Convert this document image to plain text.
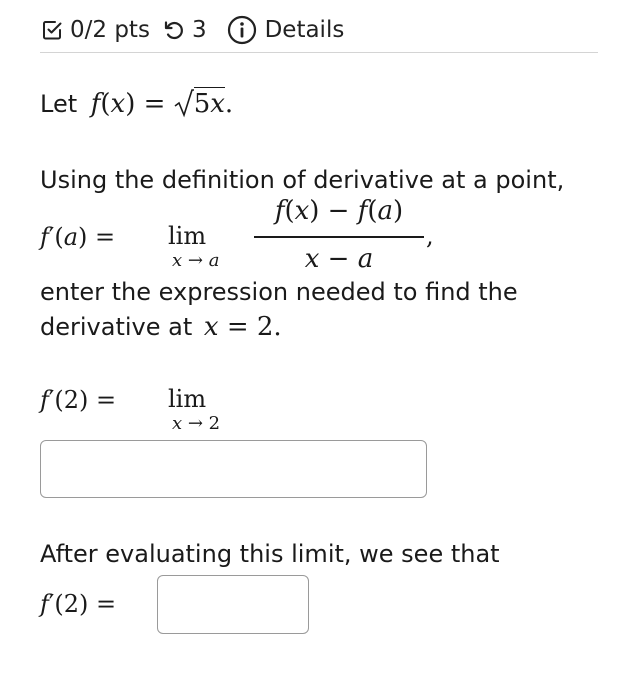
0/2 pts 3	Details
Let f(x) = 5x.
Using the definition of derivative at a point,
f′(a) = lim
x → a
f(x) − f(a)
x − a
,
enter the expression needed to find the
derivative at x = 2.
f′(2) = lim
x → 2
After evaluating this limit, we see that
f′(2) =
